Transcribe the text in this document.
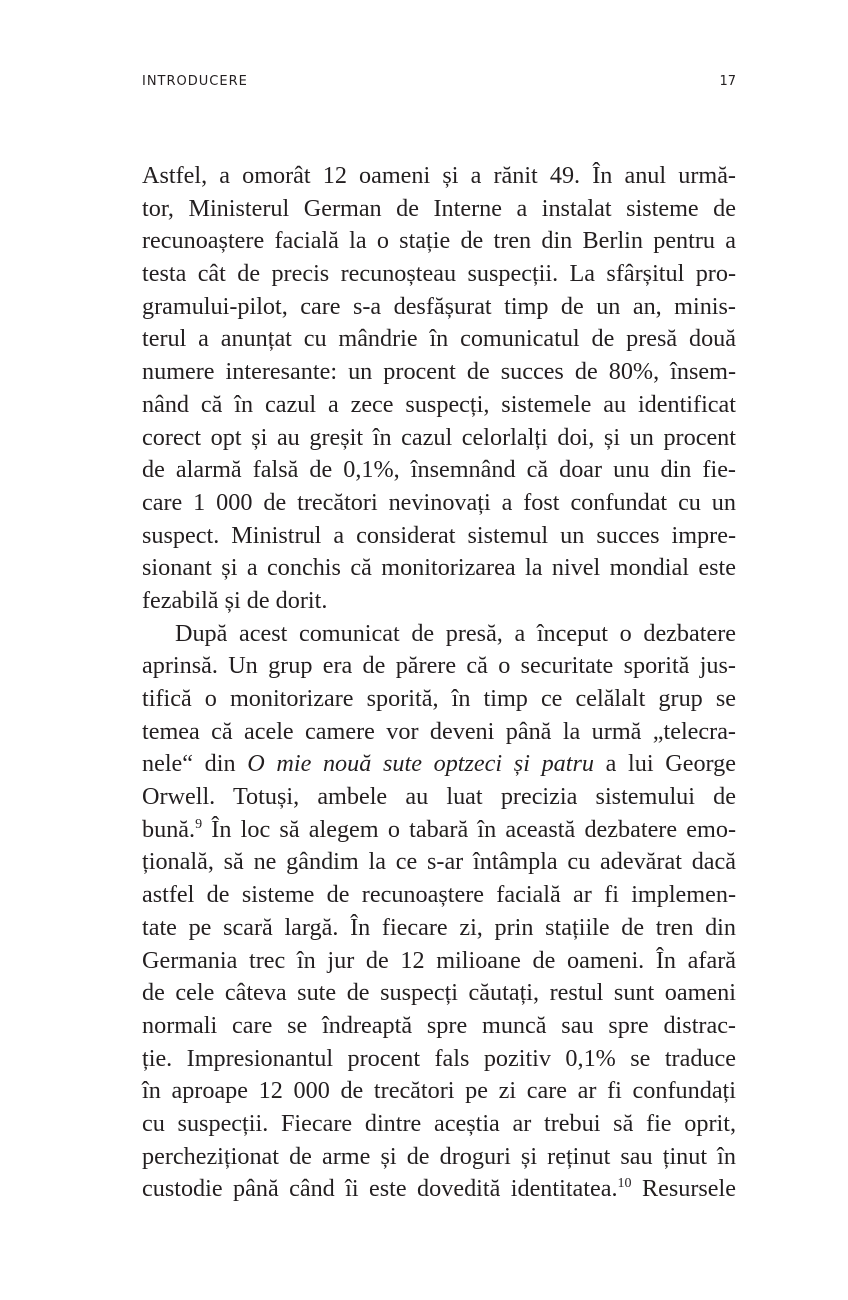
INTRODUCERE	17
Astfel, a omorât 12 oameni și a rănit 49. În anul urmă-
tor, Ministerul German de Interne a instalat sisteme de
recunoaștere facială la o stație de tren din Berlin pentru a
testa cât de precis recunoșteau suspecții. La sfârșitul pro-
gramului-pilot, care s-a desfășurat timp de un an, minis-
terul a anunțat cu mândrie în comunicatul de presă două
numere interesante: un procent de succes de 80%, însem-
nând că în cazul a zece suspecți, sistemele au identificat
corect opt și au greșit în cazul celorlalți doi, și un procent
de alarmă falsă de 0,1%, însemnând că doar unu din fie-
care 1 000 de trecători nevinovați a fost confundat cu un
suspect. Ministrul a considerat sistemul un succes impre-
sionant și a conchis că monitorizarea la nivel mondial este
fezabilă și de dorit.
După acest comunicat de presă, a început o dezbatere
aprinsă. Un grup era de părere că o securitate sporită jus-
tifică o monitorizare sporită, în timp ce celălalt grup se
temea că acele camere vor deveni până la urmă „telecra-
nele“ din O mie nouă sute optzeci și patru a lui George
Orwell. Totuși, ambele au luat precizia sistemului de
bună.$^9$ În loc să alegem o tabară în această dezbatere emo-
țională, să ne gândim la ce s-ar întâmpla cu adevărat dacă
astfel de sisteme de recunoaștere facială ar fi implemen-
tate pe scară largă. În fiecare zi, prin stațiile de tren din
Germania trec în jur de 12 milioane de oameni. În afară
de cele câteva sute de suspecți căutați, restul sunt oameni
normali care se îndreaptă spre muncă sau spre distrac-
ție. Impresionantul procent fals pozitiv 0,1% se traduce
în aproape 12 000 de trecători pe zi care ar fi confundați
cu suspecții. Fiecare dintre aceștia ar trebui să fie oprit,
percheziționat de arme și de droguri și reținut sau ținut în
custodie până când îi este dovedită identitatea.$^{10}$ Resursele
